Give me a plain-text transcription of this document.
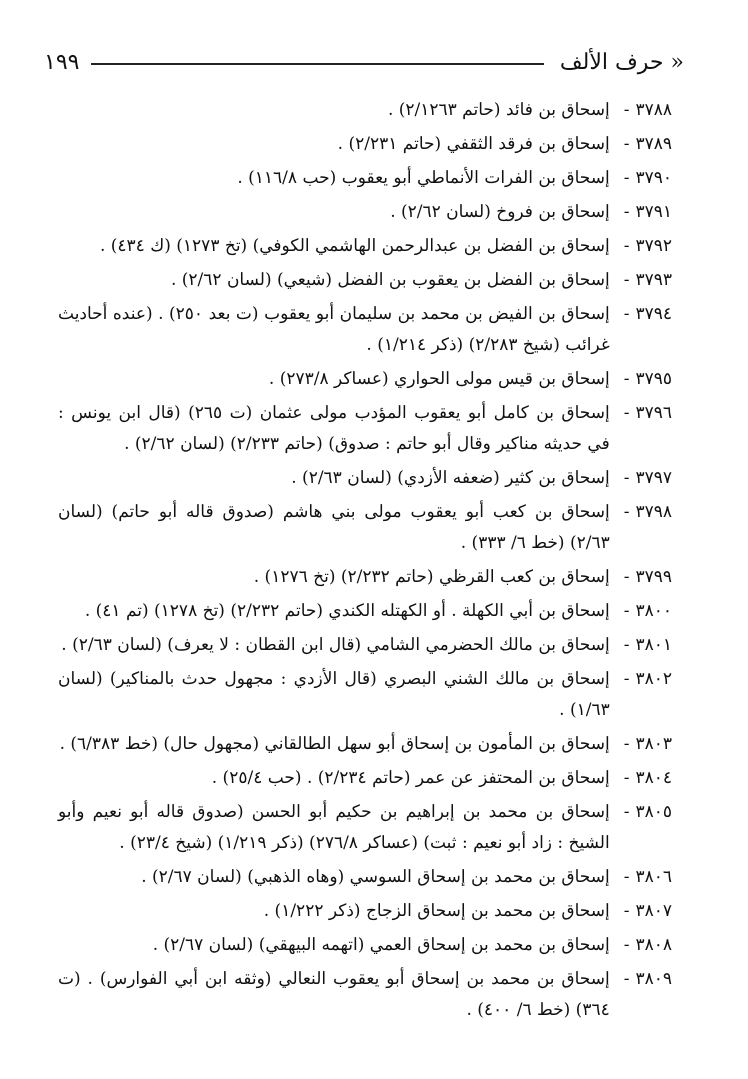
« حرف الألف
١٩٩
٣٧٨٨-
إسحاق بن فائد (حاتم ٢/١٢٦٣) .
٣٧٨٩-
إسحاق بن فرقد الثقفي (حاتم ٢/٢٣١) .
٣٧٩٠-
إسحاق بن الفرات الأنماطي أبو يعقوب (حب ١١٦/٨) .
٣٧٩١-
إسحاق بن فروخ (لسان ٢/٦٢) .
٣٧٩٢-
إسحاق بن الفضل بن عبدالرحمن الهاشمي الكوفي) (تخ ١٢٧٣) (ك ٤٣٤) .
٣٧٩٣-
إسحاق بن الفضل بن يعقوب بن الفضل (شيعي) (لسان ٢/٦٢) .
٣٧٩٤-
إسحاق بن الفيض بن محمد بن سليمان أبو يعقوب (ت بعد ٢٥٠) . (عنده أحاديث غرائب (شيخ ٢/٢٨٣) (ذكر ١/٢١٤) .
٣٧٩٥-
إسحاق بن قيس مولى الحواري (عساكر ٢٧٣/٨) .
٣٧٩٦-
إسحاق بن كامل أبو يعقوب المؤدب مولى عثمان (ت ٢٦٥) (قال ابن يونس : في حديثه مناكير وقال أبو حاتم : صدوق) (حاتم ٢/٢٣٣) (لسان ٢/٦٢) .
٣٧٩٧-
إسحاق بن كثير (ضعفه الأزدي) (لسان ٢/٦٣) .
٣٧٩٨-
إسحاق بن كعب أبو يعقوب مولى بني هاشم (صدوق قاله أبو حاتم) (لسان ٢/٦٣) (خط ٦/ ٣٣٣) .
٣٧٩٩-
إسحاق بن كعب القرظي (حاتم ٢/٢٣٢) (تخ ١٢٧٦) .
٣٨٠٠-
إسحاق بن أبي الكهلة . أو الكهتله الكندي (حاتم ٢/٢٣٢) (تخ ١٢٧٨) (تم ٤١) .
٣٨٠١-
إسحاق بن مالك الحضرمي الشامي (قال ابن القطان : لا يعرف) (لسان ٢/٦٣) .
٣٨٠٢-
إسحاق بن مالك الشني البصري (قال الأزدي : مجهول حدث بالمناكير) (لسان ١/٦٣) .
٣٨٠٣-
إسحاق بن المأمون بن إسحاق أبو سهل الطالقاني (مجهول حال) (خط ٦/٣٨٣) .
٣٨٠٤-
إسحاق بن المحتفز عن عمر (حاتم ٢/٢٣٤) . (حب ٢٥/٤) .
٣٨٠٥-
إسحاق بن محمد بن إبراهيم بن حكيم أبو الحسن (صدوق قاله أبو نعيم وأبو الشيخ : زاد أبو نعيم : ثبت) (عساكر ٢٧٦/٨) (ذكر ١/٢١٩) (شيخ ٢٣/٤) .
٣٨٠٦-
إسحاق بن محمد بن إسحاق السوسي (وهاه الذهبي) (لسان ٢/٦٧) .
٣٨٠٧-
إسحاق بن محمد بن إسحاق الزجاج (ذكر ١/٢٢٢) .
٣٨٠٨-
إسحاق بن محمد بن إسحاق العمي (اتهمه البيهقي) (لسان ٢/٦٧) .
٣٨٠٩-
إسحاق بن محمد بن إسحاق أبو يعقوب النعالي (وثقه ابن أبي الفوارس) . (ت ٣٦٤) (خط ٦/ ٤٠٠) .
